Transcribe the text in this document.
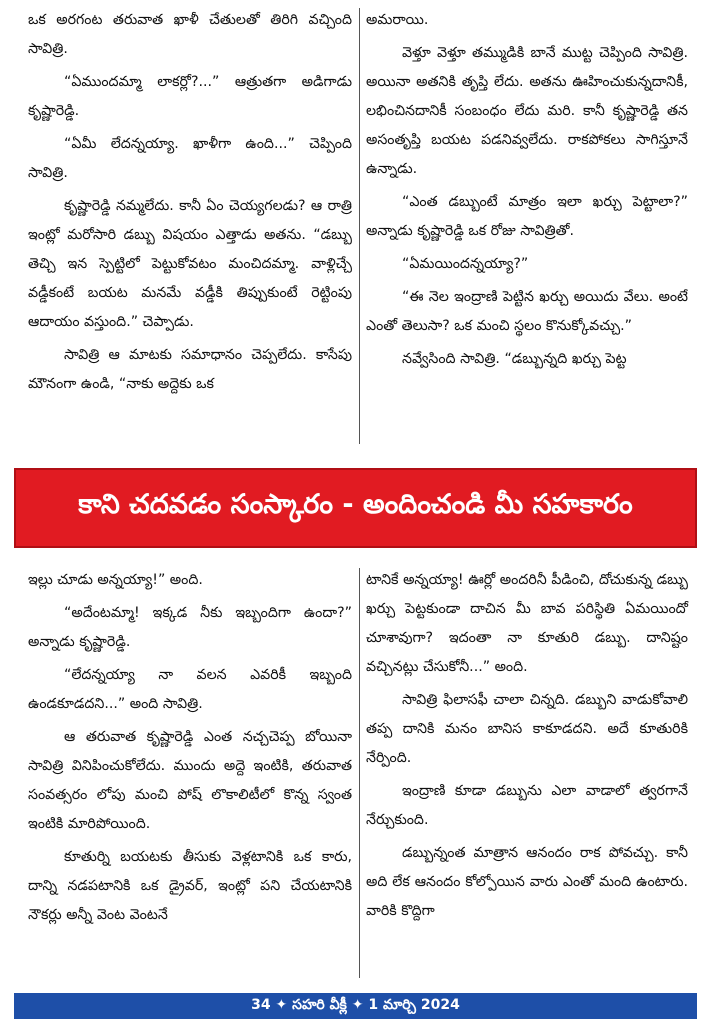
ఒక అరగంట తరువాత ఖాళీ చేతులతో తిరిగి వచ్చింది సావిత్రి.

“ఏముందమ్మా లాకర్లో?...” ఆత్రుతగా అడిగాడు కృష్ణారెడ్డి.

“ఏమీ లేదన్నయ్యా. ఖాళీగా ఉంది...” చెప్పింది సావిత్రి.

కృష్ణారెడ్డి నమ్మలేదు. కానీ ఏం చెయ్యగలడు? ఆ రాత్రి ఇంట్లో మరోసారి డబ్బు విషయం ఎత్తాడు అతను. “డబ్బు తెచ్చి ఇన స్పెట్టిలో పెట్టుకోవటం మంచిదమ్మా. వాళ్లిచ్చే వడ్డీకంటే బయట మనమే వడ్డీకి తిప్పుకుంటే రెట్టింపు ఆదాయం వస్తుంది.” చెప్పాడు.

సావిత్రి ఆ మాటకు సమాధానం చెప్పలేదు. కాసేపు మౌనంగా ఉండి, “నాకు అద్దెకు ఒక

అమరాయి.

వెళ్తూ వెళ్తూ తమ్ముడికి బానే ముట్ట చెప్పింది సావిత్రి. అయినా అతనికి తృప్తి లేదు. అతను ఊహించుకున్నదానికీ, లభించినదానికీ సంబంధం లేదు మరి. కానీ కృష్ణారెడ్డి తన అసంతృప్తి బయట పడనివ్వలేదు. రాకపోకలు సాగిస్తూనే ఉన్నాడు.

“ఎంత డబ్బుంటే మాత్రం ఇలా ఖర్చు పెట్టాలా?” అన్నాడు కృష్ణారెడ్డి ఒక రోజు సావిత్రితో.

“ఏమయిందన్నయ్యా?”

“ఈ నెల ఇంద్రాణి పెట్టిన ఖర్చు అయిదు వేలు. అంటే ఎంతో తెలుసా? ఒక మంచి స్థలం కొనుక్కోవచ్చు.”

నవ్వేసింది సావిత్రి. “డబ్బున్నది ఖర్చు పెట్ట

కాని చదవడం సంస్కారం - అందించండి మీ సహకారం

ఇల్లు చూడు అన్నయ్యా!” అంది.

“అదేంటమ్మా! ఇక్కడ నీకు ఇబ్బందిగా ఉందా?” అన్నాడు కృష్ణారెడ్డి.

“లేదన్నయ్యా నా వలన ఎవరికీ ఇబ్బంది ఉండకూడదని...” అంది సావిత్రి.

ఆ తరువాత కృష్ణారెడ్డి ఎంత నచ్చచెప్ప బోయినా సావిత్రి వినిపించుకోలేదు. ముందు అద్దె ఇంటికి, తరువాత సంవత్సరం లోపు మంచి పోష్ లొకాలిటీలో కొన్న స్వంత ఇంటికి మారిపోయింది.

కూతుర్ని బయటకు తీసుకు వెళ్లటానికి ఒక కారు, దాన్ని నడపటానికి ఒక డ్రైవర్, ఇంట్లో పని చేయటానికి నౌకర్లు అన్నీ వెంట వెంటనే

టానికే అన్నయ్యా! ఊర్లో అందరినీ పీడించి, దోచుకున్న డబ్బు ఖర్చు పెట్టకుండా దాచిన మీ బావ పరిస్థితి ఏమయిందో చూశావుగా? ఇదంతా నా కూతురి డబ్బు. దానిష్టం వచ్చినట్లు చేసుకోనీ...” అంది.

సావిత్రి ఫిలాసఫీ చాలా చిన్నది. డబ్బుని వాడుకోవాలి తప్ప దానికి మనం బానిస కాకూడదని. అదే కూతురికి నేర్పింది.

ఇంద్రాణి కూడా డబ్బును ఎలా వాడాలో త్వరగానే నేర్చుకుంది.

డబ్బున్నంత మాత్రాన ఆనందం రాక పోవచ్చు. కానీ అది లేక ఆనందం కోల్పోయిన వారు ఎంతో మంది ఉంటారు. వారికి కొద్దిగా

34 ✦ సహరి వీక్లీ ✦ 1 మార్చి 2024
